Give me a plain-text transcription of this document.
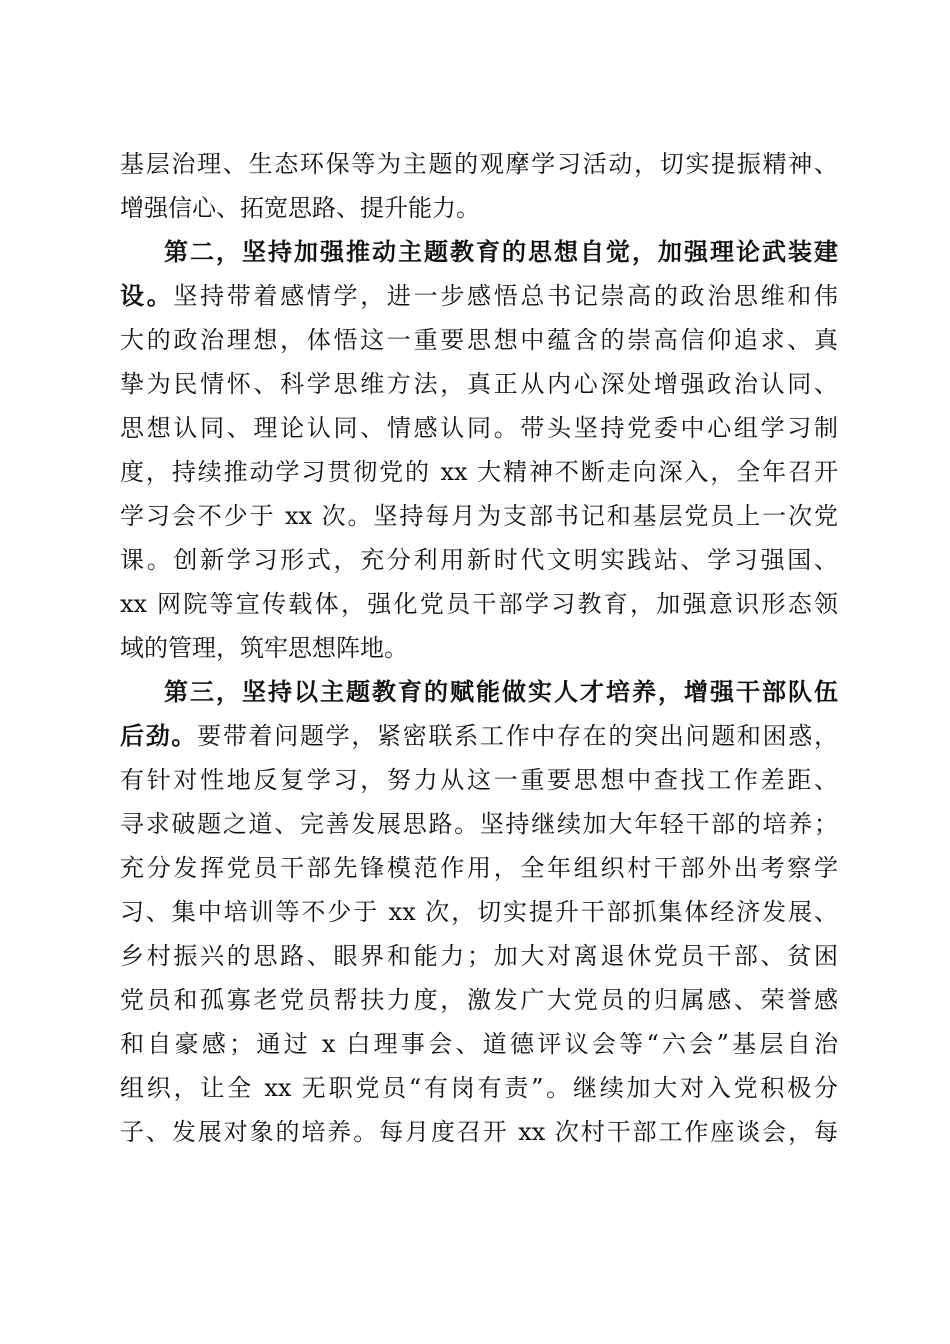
基层治理、生态环保等为主题的观摩学习活动，切实提振精神、
增强信心、拓宽思路、提升能力。
第二，坚持加强推动主题教育的思想自觉，加强理论武装建
设。坚持带着感情学，进一步感悟总书记崇高的政治思维和伟
大的政治理想，体悟这一重要思想中蕴含的崇高信仰追求、真
挚为民情怀、科学思维方法，真正从内心深处增强政治认同、
思想认同、理论认同、情感认同。带头坚持党委中心组学习制
度，持续推动学习贯彻党的 xx 大精神不断走向深入，全年召开
学习会不少于 xx 次。坚持每月为支部书记和基层党员上一次党
课。创新学习形式，充分利用新时代文明实践站、学习强国、
xx 网院等宣传载体，强化党员干部学习教育，加强意识形态领
域的管理，筑牢思想阵地。
第三，坚持以主题教育的赋能做实人才培养，增强干部队伍
后劲。要带着问题学，紧密联系工作中存在的突出问题和困惑，
有针对性地反复学习，努力从这一重要思想中查找工作差距、
寻求破题之道、完善发展思路。坚持继续加大年轻干部的培养；
充分发挥党员干部先锋模范作用，全年组织村干部外出考察学
习、集中培训等不少于 xx 次，切实提升干部抓集体经济发展、
乡村振兴的思路、眼界和能力；加大对离退休党员干部、贫困
党员和孤寡老党员帮扶力度，激发广大党员的归属感、荣誉感
和自豪感；通过 x 白理事会、道德评议会等“六会”基层自治
组织，让全 xx 无职党员“有岗有责”。继续加大对入党积极分
子、发展对象的培养。每月度召开 xx 次村干部工作座谈会，每
